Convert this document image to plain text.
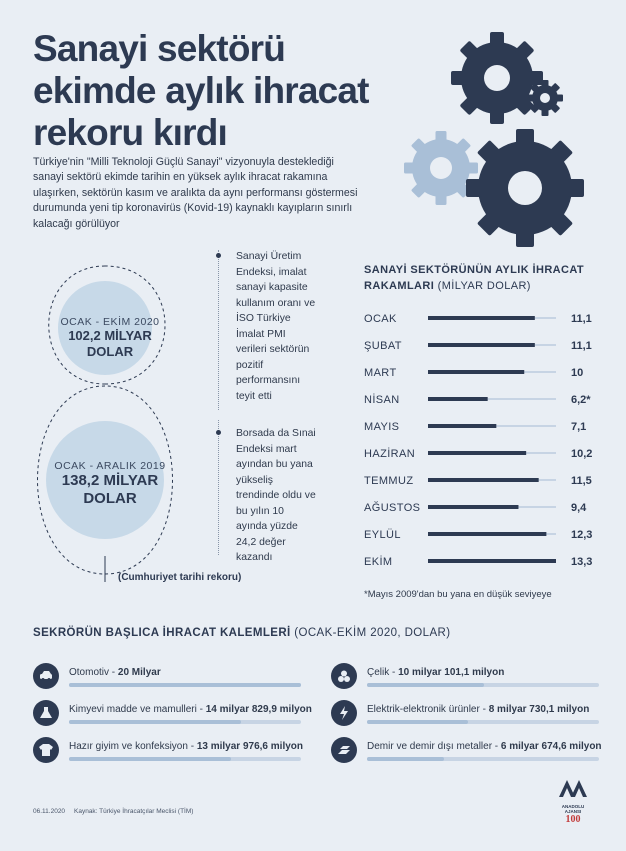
Sanayi sektörü ekimde aylık ihracat rekoru kırdı
Türkiye'nin "Milli Teknoloji Güçlü Sanayi" vizyonuyla desteklediği sanayi sektörü ekimde tarihin en yüksek aylık ihracat rakamına ulaşırken, sektörün kasım ve aralıkta da aynı performansı göstermesi durumunda yeni tip koronavirüs (Kovid-19) kaynaklı kayıpların sınırlı kalacağı görülüyor
OCAK - EKİM 2020
102,2 MİLYAR DOLAR
OCAK - ARALIK 2019
138,2 MİLYAR DOLAR
(Cumhuriyet tarihi rekoru)
Sanayi Üretim Endeksi, imalat sanayi kapasite kullanım oranı ve İSO Türkiye İmalat PMI verileri sektörün pozitif performansını teyit etti
Borsada da Sınai Endeksi mart ayından bu yana yükseliş trendinde oldu ve bu yılın 10 ayında yüzde 24,2 değer kazandı
SANAYİ SEKTÖRÜNÜN AYLIK İHRACAT RAKAMLARI (MİLYAR DOLAR)
OCAK	11,1
ŞUBAT	11,1
MART	10
NİSAN	6,2*
MAYIS	7,1
HAZİRAN	10,2
TEMMUZ	11,5
AĞUSTOS	9,4
EYLÜL	12,3
EKİM	13,3
*Mayıs 2009'dan bu yana en düşük seviyeye
SEKRÖRÜN BAŞLICA İHRACAT KALEMLERİ (OCAK-EKİM 2020, DOLAR)
Otomotiv - 20 Milyar
Kimyevi madde ve mamulleri - 14 milyar 829,9 milyon
Hazır giyim ve konfeksiyon - 13 milyar 976,6 milyon
Çelik - 10 milyar 101,1 milyon
Elektrik-elektronik ürünler - 8 milyar 730,1 milyon
Demir ve demir dışı metaller - 6 milyar 674,6 milyon
06.11.2020 Kaynak: Türkiye İhracatçılar Meclisi (TİM)
ANADOLU AJANSI
100
